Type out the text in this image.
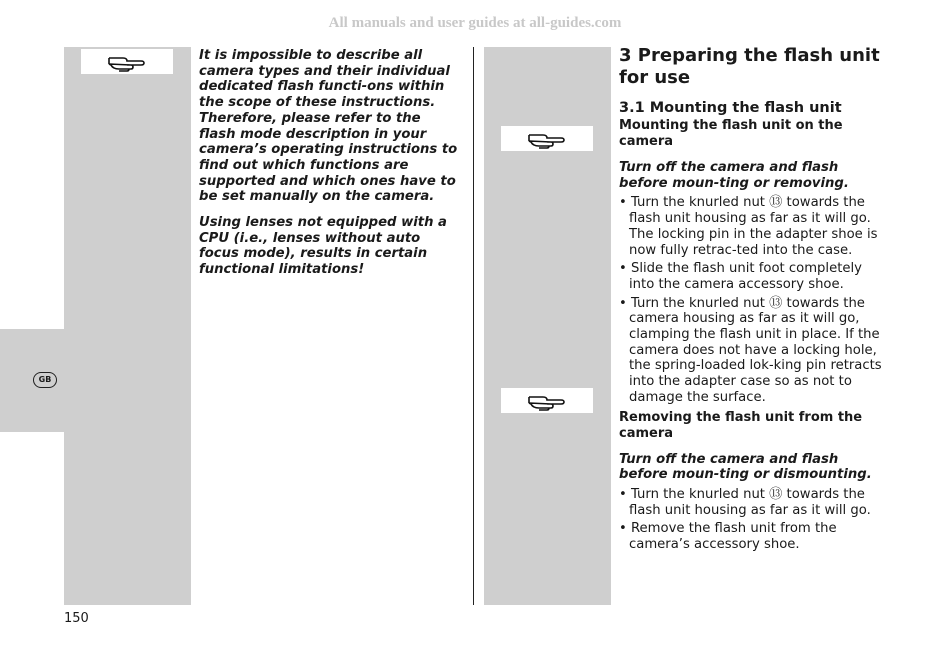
All manuals and user guides at all-guides.com
GB

It is impossible to describe all camera types and their individual dedicated flash functi-ons within the scope of these instructions. Therefore, please refer to the flash mode description in your camera’s operating instructions to find out which functions are supported and which ones have to be set manually on the camera.

Using lenses not equipped with a CPU (i.e., lenses without auto focus mode), results in certain functional limitations!

3 Preparing the flash unit for use
3.1 Mounting the flash unit
Mounting the flash unit on the camera
Turn off the camera and flash before moun-ting or removing.
• Turn the knurled nut ⑬ towards the flash unit housing as far as it will go. The locking pin in the adapter shoe is now fully retrac-ted into the case.
• Slide the flash unit foot completely into the camera accessory shoe.
• Turn the knurled nut ⑬ towards the camera housing as far as it will go, clamping the flash unit in place. If the camera does not have a locking hole, the spring-loaded lok-king pin retracts into the adapter case so as not to damage the surface.
Removing the flash unit from the camera
Turn off the camera and flash before moun-ting or dismounting.
• Turn the knurled nut ⑬ towards the flash unit housing as far as it will go.
• Remove the flash unit from the camera’s accessory shoe.
150
